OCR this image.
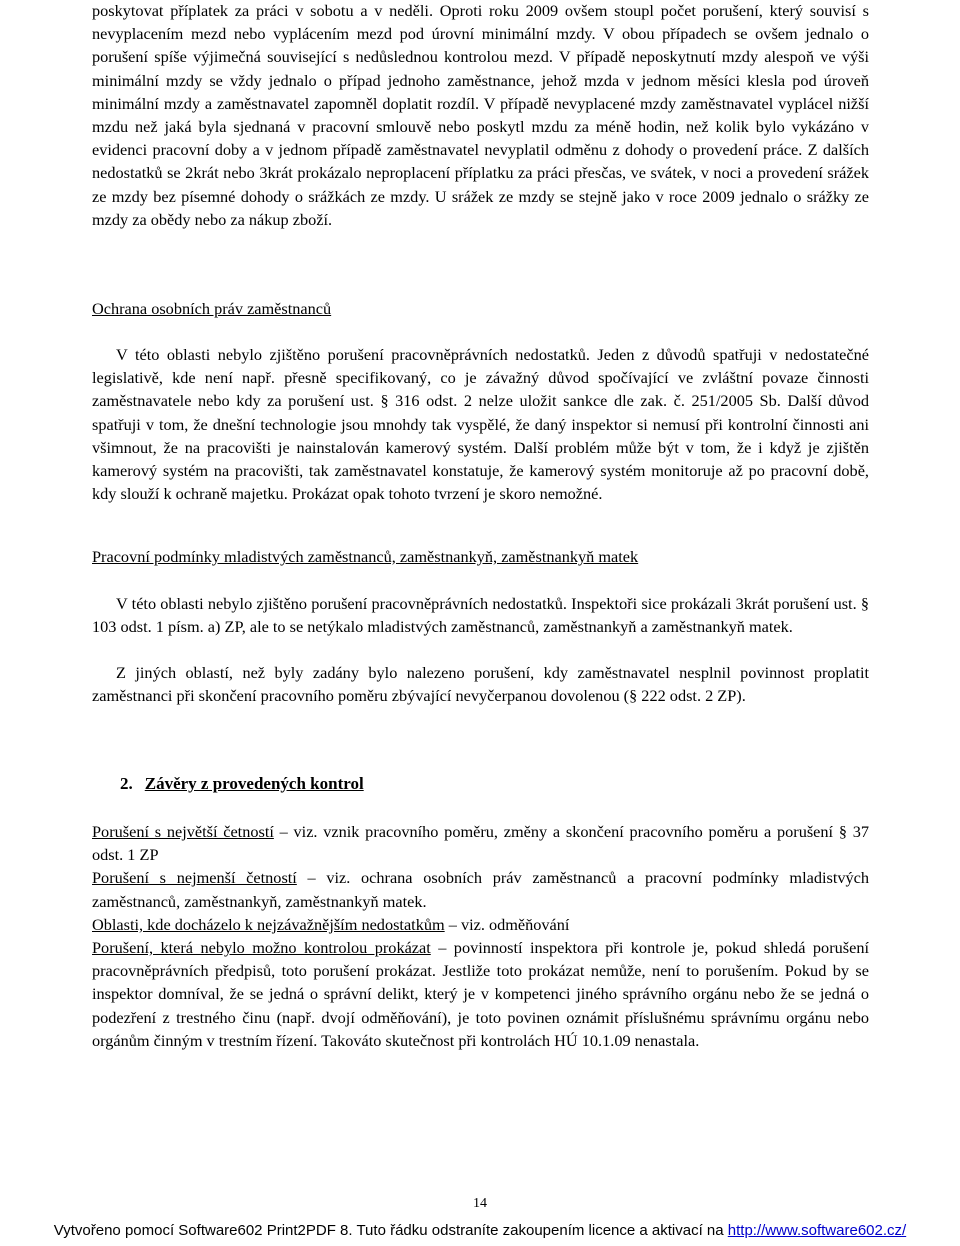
poskytovat příplatek za práci v sobotu a v neděli. Oproti roku 2009 ovšem stoupl počet porušení, který souvisí s nevyplacením mezd nebo vyplácením mezd pod úrovní minimální mzdy. V obou případech se ovšem jednalo o porušení spíše výjimečná související s nedůslednou kontrolou mezd. V případě neposkytnutí mzdy alespoň ve výši minimální mzdy se vždy jednalo o případ jednoho zaměstnance, jehož mzda v jednom měsíci klesla pod úroveň minimální mzdy a zaměstnavatel zapomněl doplatit rozdíl. V případě nevyplacené mzdy zaměstnavatel vyplácel nižší mzdu než jaká byla sjednaná v pracovní smlouvě nebo poskytl mzdu za méně hodin, než kolik bylo vykázáno v evidenci pracovní doby a v jednom případě zaměstnavatel nevyplatil odměnu z dohody o provedení práce. Z dalších nedostatků se 2krát nebo 3krát prokázalo neproplacení příplatku za práci přesčas, ve svátek, v noci a provedení srážek ze mzdy bez písemné dohody o srážkách ze mzdy. U srážek ze mzdy se stejně jako v roce 2009 jednalo o srážky ze mzdy za obědy nebo za nákup zboží.

Ochrana osobních práv zaměstnanců

V této oblasti nebylo zjištěno porušení pracovněprávních nedostatků. Jeden z důvodů spatřuji v nedostatečné legislativě, kde není např. přesně specifikovaný, co je závažný důvod spočívající ve zvláštní povaze činnosti zaměstnavatele nebo kdy za porušení ust. § 316 odst. 2 nelze uložit sankce dle zak. č. 251/2005 Sb. Další důvod spatřuji v tom, že dnešní technologie jsou mnohdy tak vyspělé, že daný inspektor si nemusí při kontrolní činnosti ani všimnout, že na pracovišti je nainstalován kamerový systém. Další problém může být v tom, že i když je zjištěn kamerový systém na pracovišti, tak zaměstnavatel konstatuje, že kamerový systém monitoruje až po pracovní době, kdy slouží k ochraně majetku. Prokázat opak tohoto tvrzení je skoro nemožné.

Pracovní podmínky mladistvých zaměstnanců, zaměstnankyň, zaměstnankyň matek

V této oblasti nebylo zjištěno porušení pracovněprávních nedostatků. Inspektoři sice prokázali 3krát porušení ust. § 103 odst. 1 písm. a) ZP, ale to se netýkalo mladistvých zaměstnanců, zaměstnankyň a zaměstnankyň matek.

Z jiných oblastí, než byly zadány bylo nalezeno porušení, kdy zaměstnavatel nesplnil povinnost proplatit zaměstnanci při skončení pracovního poměru zbývající nevyčerpanou dovolenou (§ 222 odst. 2 ZP).

2. Závěry z provedených kontrol

Porušení s největší četností – viz. vznik pracovního poměru, změny a skončení pracovního poměru a porušení § 37 odst. 1 ZP

Porušení s nejmenší četností – viz. ochrana osobních práv zaměstnanců a pracovní podmínky mladistvých zaměstnanců, zaměstnankyň, zaměstnankyň matek.

Oblasti, kde docházelo k nejzávažnějším nedostatkům – viz. odměňování

Porušení, která nebylo možno kontrolou prokázat – povinností inspektora při kontrole je, pokud shledá porušení pracovněprávních předpisů, toto porušení prokázat. Jestliže toto prokázat nemůže, není to porušením. Pokud by se inspektor domníval, že se jedná o správní delikt, který je v kompetenci jiného správního orgánu nebo že se jedná o podezření z trestného činu (např. dvojí odměňování), je toto povinen oznámit příslušnému správnímu orgánu nebo orgánům činným v trestním řízení. Takováto skutečnost při kontrolách HÚ 10.1.09 nenastala.

14
Vytvořeno pomocí Software602 Print2PDF 8. Tuto řádku odstraníte zakoupením licence a aktivací na http://www.software602.cz/
